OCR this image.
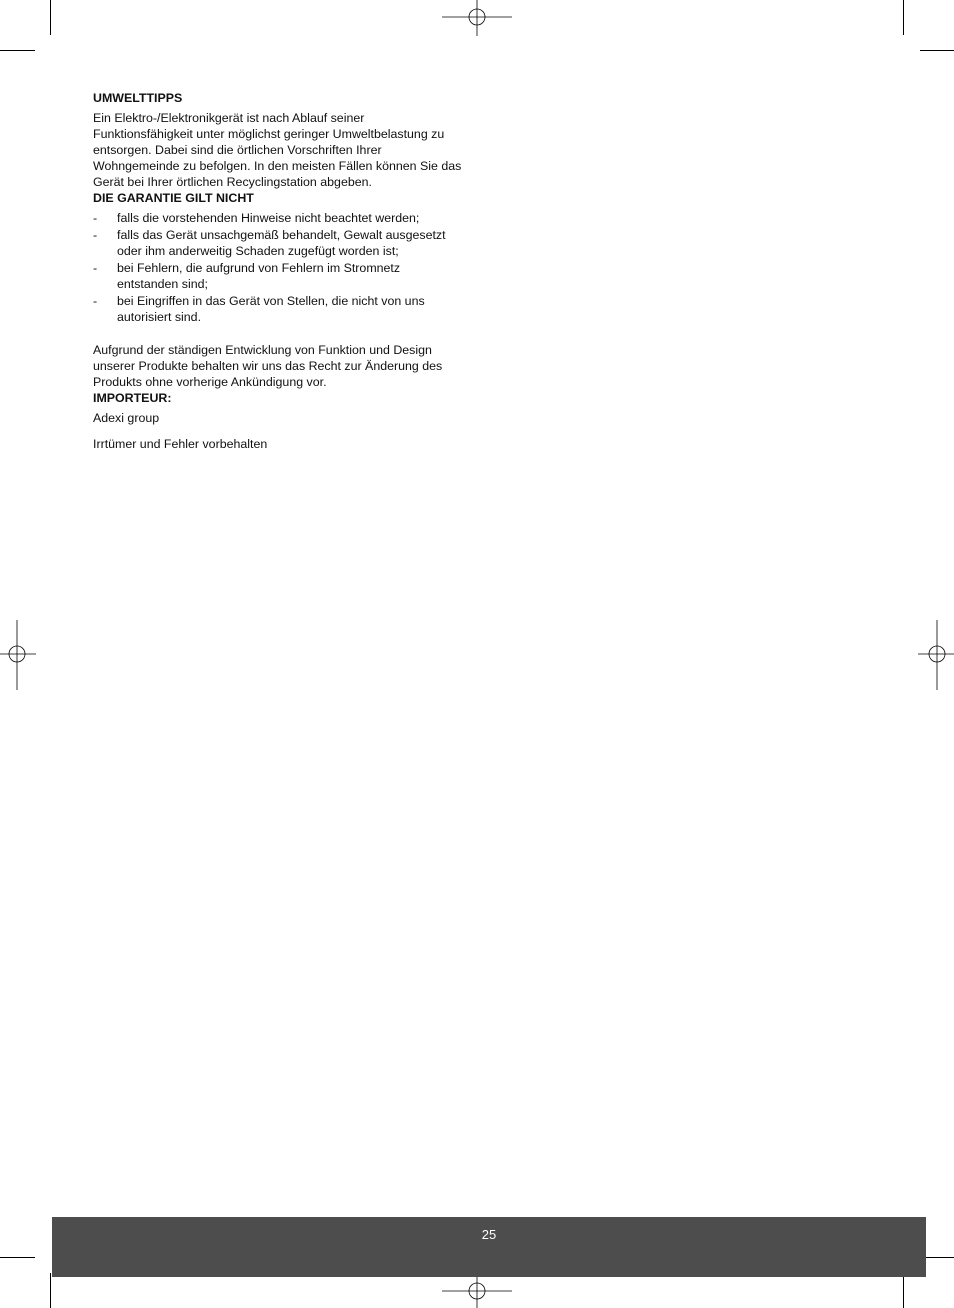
UMWELTTIPPS

Ein Elektro-/Elektronikgerät ist nach Ablauf seiner
Funktionsfähigkeit unter möglichst geringer Umweltbelastung zu
entsorgen. Dabei sind die örtlichen Vorschriften Ihrer
Wohngemeinde zu befolgen. In den meisten Fällen können Sie das
Gerät bei Ihrer örtlichen Recyclingstation abgeben.

DIE GARANTIE GILT NICHT
- falls die vorstehenden Hinweise nicht beachtet werden;
- falls das Gerät unsachgemäß behandelt, Gewalt ausgesetzt
oder ihm anderweitig Schaden zugefügt worden ist;
- bei Fehlern, die aufgrund von Fehlern im Stromnetz
entstanden sind;
- bei Eingriffen in das Gerät von Stellen, die nicht von uns
autorisiert sind.

Aufgrund der ständigen Entwicklung von Funktion und Design
unserer Produkte behalten wir uns das Recht zur Änderung des
Produkts ohne vorherige Ankündigung vor.

IMPORTEUR:

Adexi group

Irrtümer und Fehler vorbehalten

25
